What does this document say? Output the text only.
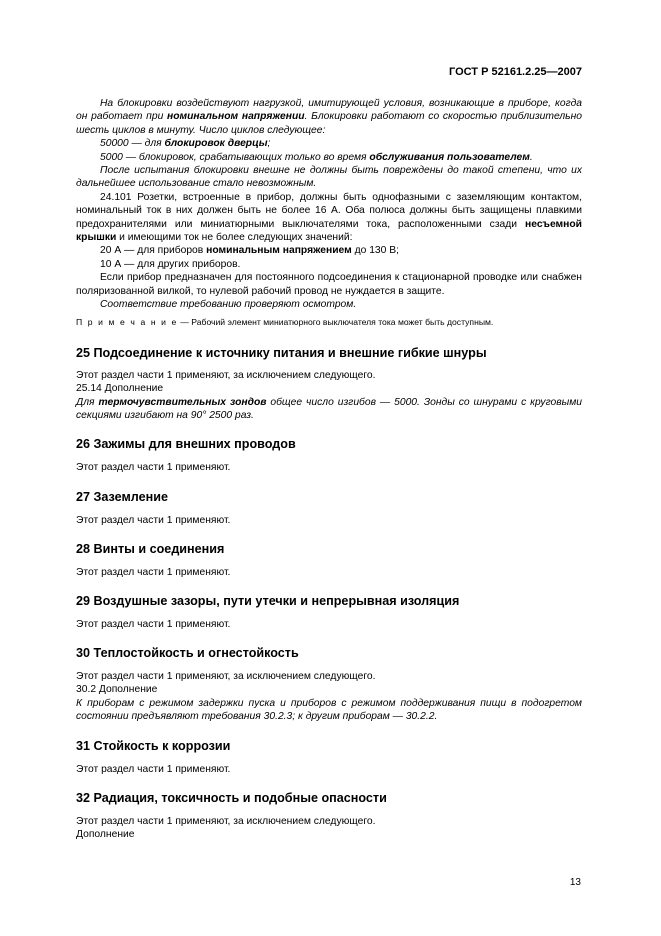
ГОСТ Р 52161.2.25—2007

На блокировки воздействуют нагрузкой, имитирующей условия, возникающие в приборе, когда он работает при номинальном напряжении. Блокировки работают со скоростью приблизительно шесть циклов в минуту. Число циклов следующее:

50000 — для блокировок дверцы;

5000 — блокировок, срабатывающих только во время обслуживания пользователем.

После испытания блокировки внешне не должны быть повреждены до такой степени, что их дальнейшее использование стало невозможным.

24.101 Розетки, встроенные в прибор, должны быть однофазными с заземляющим контактом, номинальный ток в них должен быть не более 16 А. Оба полюса должны быть защищены плавкими предохранителями или миниатюрными выключателями тока, расположенными сзади несъемной крышки и имеющими ток не более следующих значений:

20 А — для приборов номинальным напряжением до 130 В;

10 А — для других приборов.

Если прибор предназначен для постоянного подсоединения к стационарной проводке или снабжен поляризованной вилкой, то нулевой рабочий провод не нуждается в защите.

Соответствие требованию проверяют осмотром.

П р и м е ч а н и е — Рабочий элемент миниатюрного выключателя тока может быть доступным.

25 Подсоединение к источнику питания и внешние гибкие шнуры

Этот раздел части 1 применяют, за исключением следующего.

25.14 Дополнение

Для термочувствительных зондов общее число изгибов — 5000. Зонды со шнурами с круговыми секциями изгибают на 90° 2500 раз.

26 Зажимы для внешних проводов

Этот раздел части 1 применяют.

27 Заземление

Этот раздел части 1 применяют.

28 Винты и соединения

Этот раздел части 1 применяют.

29 Воздушные зазоры, пути утечки и непрерывная изоляция

Этот раздел части 1 применяют.

30 Теплостойкость и огнестойкость

Этот раздел части 1 применяют, за исключением следующего.

30.2 Дополнение

К приборам с режимом задержки пуска и приборов с режимом поддерживания пищи в подогретом состоянии предъявляют требования 30.2.3; к другим приборам — 30.2.2.

31 Стойкость к коррозии

Этот раздел части 1 применяют.

32 Радиация, токсичность и подобные опасности

Этот раздел части 1 применяют, за исключением следующего.

Дополнение

13
